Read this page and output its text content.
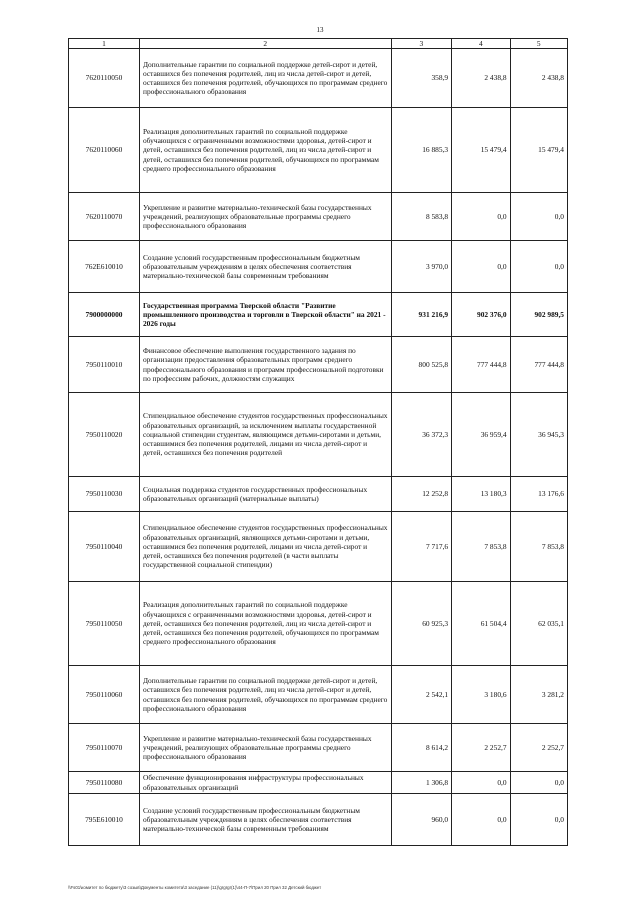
13
1	2	3	4	5
7620110050	Дополнительные гарантии по социальной поддержке детей-сирот и детей, оставшихся без попечения родителей, лиц из числа детей-сирот и детей, оставшихся без попечения родителей, обучающихся по программам среднего профессионального образования	358,9	2 438,8	2 438,8
7620110060	Реализация дополнительных гарантий по социальной поддержке обучающихся с ограниченными возможностями здоровья, детей-сирот и детей, оставшихся без попечения родителей, лиц из числа детей-сирот и детей, оставшихся без попечения родителей, обучающихся по программам среднего профессионального образования	16 885,3	15 479,4	15 479,4
7620110070	Укрепление и развитие материально-технической базы государственных учреждений, реализующих образовательные программы среднего профессионального образования	8 583,8	0,0	0,0
762E610010	Создание условий государственным профессиональным бюджетным образовательным учреждениям в целях обеспечения соответствия материально-технической базы современным требованиям	3 970,0	0,0	0,0
7900000000	Государственная программа Тверской области "Развитие промышленного производства и торговли в Тверской области" на 2021 - 2026 годы	931 216,9	902 376,0	902 989,5
7950110010	Финансовое обеспечение выполнения государственного задания по организации предоставления образовательных программ среднего профессионального образования и программ профессиональной подготовки по профессиям рабочих, должностям служащих	800 525,8	777 444,8	777 444,8
7950110020	Стипендиальное обеспечение студентов государственных профессиональных образовательных организаций, за исключением выплаты государственной социальной стипендии студентам, являющимся детьми-сиротами и детьми, оставшимися без попечения родителей, лицами из числа детей-сирот и детей, оставшихся без попечения родителей	36 372,3	36 959,4	36 945,3
7950110030	Социальная поддержка студентов государственных профессиональных образовательных организаций (материальные выплаты)	12 252,8	13 180,3	13 176,6
7950110040	Стипендиальное обеспечение студентов государственных профессиональных образовательных организаций, являющихся детьми-сиротами и детьми, оставшимися без попечения родителей, лицами из числа детей-сирот и детей, оставшихся без попечения родителей (в части выплаты государственной социальной стипендии)	7 717,6	7 853,8	7 853,8
7950110050	Реализация дополнительных гарантий по социальной поддержке обучающихся с ограниченными возможностями здоровья, детей-сирот и детей, оставшихся без попечения родителей, лиц из числа детей-сирот и детей, оставшихся без попечения родителей, обучающихся по программам среднего профессионального образования	60 925,3	61 504,4	62 035,1
7950110060	Дополнительные гарантии по социальной поддержке детей-сирот и детей, оставшихся без попечения родителей, лиц из числа детей-сирот и детей, оставшихся без попечения родителей, обучающихся по программам среднего профессионального образования	2 542,1	3 180,6	3 281,2
7950110070	Укрепление и развитие материально-технической базы государственных учреждений, реализующих образовательные программы среднего профессионального образования	8 614,2	2 252,7	2 252,7
7950110080	Обеспечение функционирования инфраструктуры профессиональных образовательных организаций	1 306,8	0,0	0,0
795E610010	Создание условий государственным профессиональным бюджетным образовательным учреждениям в целях обеспечения соответствия материально-технической базы современным требованиям	960,0	0,0	0,0
\\Fs01\комитет по бюджету\3 созыв\Документы комитета\3 заседание (11)\grgrgr(1)\44-П-7\Прил 20 Прил 32 Детский бюджет
